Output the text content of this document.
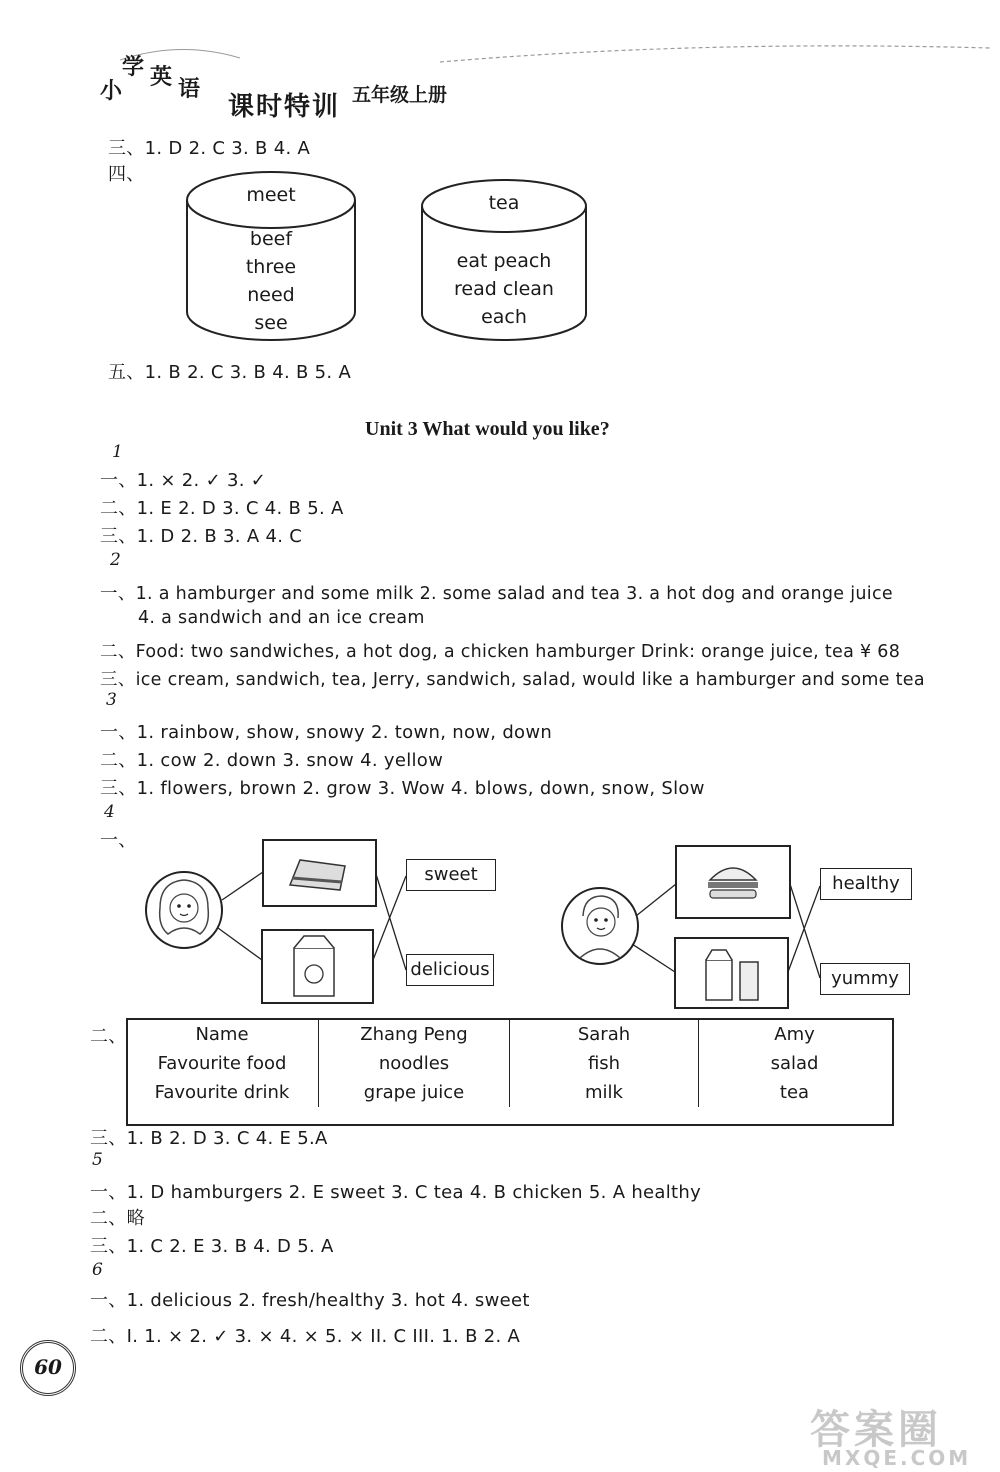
小
学 英 语
课时特训 五年级上册
三、1. D 2. C 3. B 4. A
四、
meet
beef
three
need
see
tea
eat peach
read clean
each
五、1. B 2. C 3. B 4. B 5. A
Unit 3 What would you like?
1
一、1. × 2. ✓ 3. ✓
二、1. E 2. D 3. C 4. B 5. A
三、1. D 2. B 3. A 4. C
2
一、1. a hamburger and some milk 2. some salad and tea 3. a hot dog and orange juice
4. a sandwich and an ice cream
二、Food: two sandwiches, a hot dog, a chicken hamburger Drink: orange juice, tea ¥ 68
三、ice cream, sandwich, tea, Jerry, sandwich, salad, would like a hamburger and some tea
3
一、1. rainbow, show, snowy 2. town, now, down
二、1. cow 2. down 3. snow 4. yellow
三、1. flowers, brown 2. grow 3. Wow 4. blows, down, snow, Slow
4
一、
sweet
delicious
healthy
yummy
二、	Name	Zhang Peng	Sarah	Amy
Favourite food	noodles	fish	salad
Favourite drink	grape juice	milk	tea
三、1. B 2. D 3. C 4. E 5.A
5
一、1. D hamburgers 2. E sweet 3. C tea 4. B chicken 5. A healthy
二、略
三、1. C 2. E 3. B 4. D 5. A
6
一、1. delicious 2. fresh/healthy 3. hot 4. sweet
二、I. 1. × 2. ✓ 3. × 4. × 5. × II. C III. 1. B 2. A
60
答案圈
MXQE.COM
